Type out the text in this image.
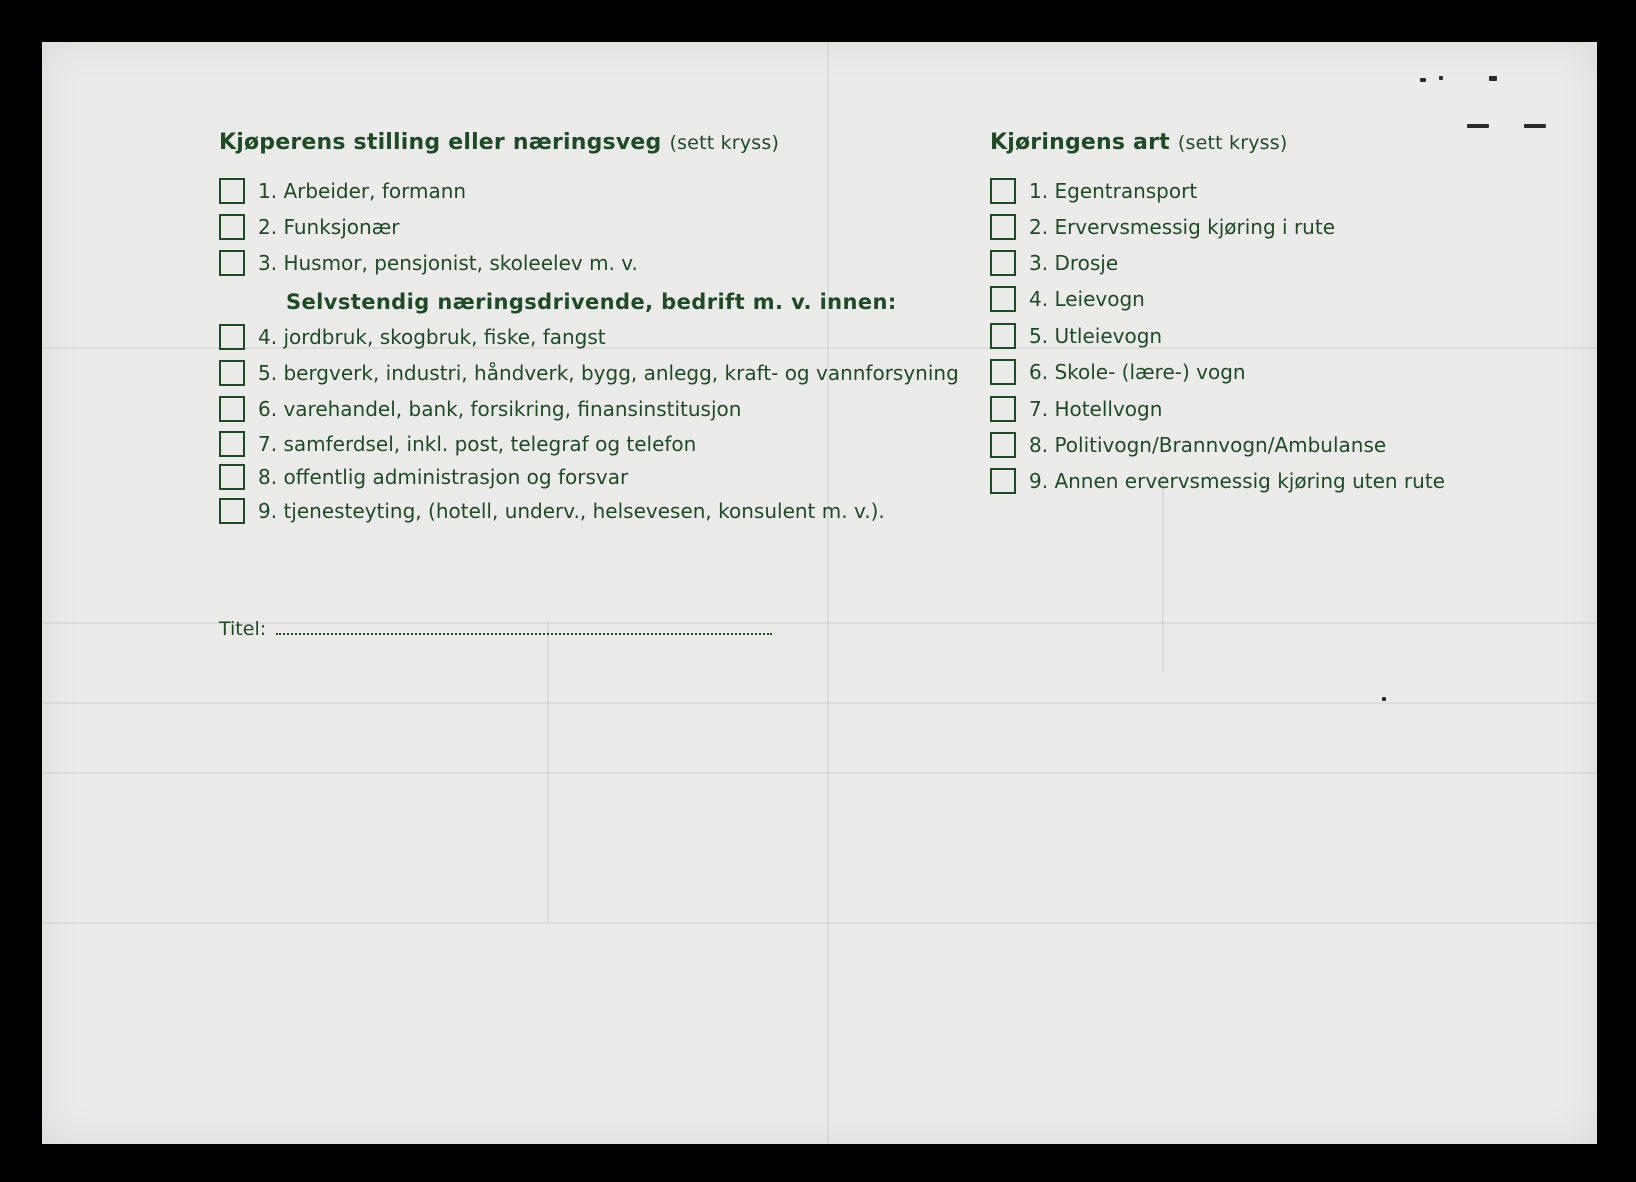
Kjøperens stilling eller næringsveg (sett kryss)
1. Arbeider, formann
2. Funksjonær
3. Husmor, pensjonist, skoleelev m. v.
Selvstendig næringsdrivende, bedrift m. v. innen:
4. jordbruk, skogbruk, fiske, fangst
5. bergverk, industri, håndverk, bygg, anlegg, kraft- og vannforsyning
6. varehandel, bank, forsikring, finansinstitusjon
7. samferdsel, inkl. post, telegraf og telefon
8. offentlig administrasjon og forsvar
9. tjenesteyting, (hotell, underv., helsevesen, konsulent m. v.).
Titel:
Kjøringens art (sett kryss)
1. Egentransport
2. Ervervsmessig kjøring i rute
3. Drosje
4. Leievogn
5. Utleievogn
6. Skole- (lære-) vogn
7. Hotellvogn
8. Politivogn/Brannvogn/Ambulanse
9. Annen ervervsmessig kjøring uten rute
